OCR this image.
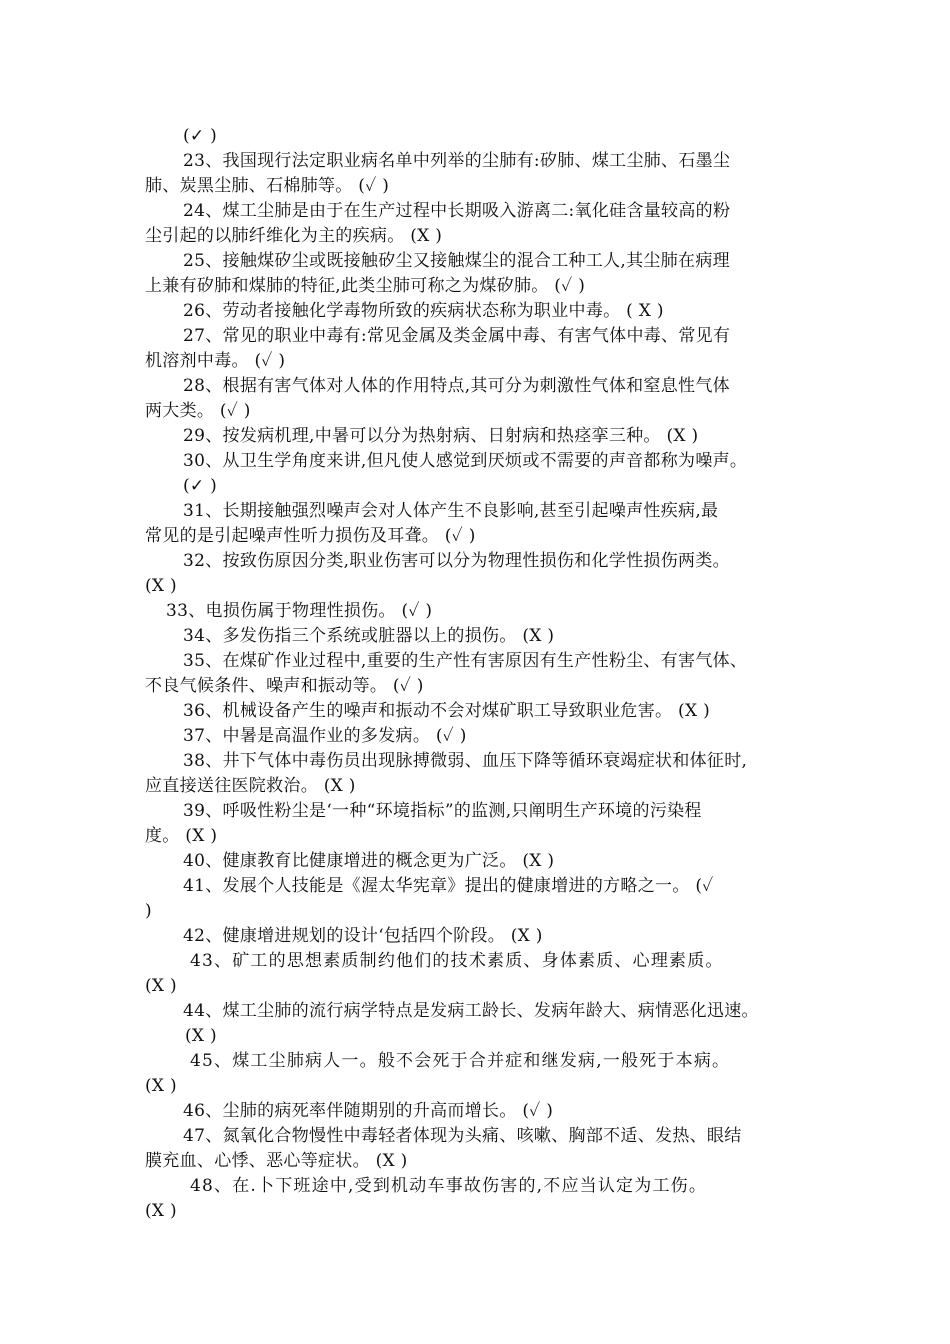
(✓ )
23、我国现行法定职业病名单中列举的尘肺有:矽肺、煤工尘肺、石墨尘
肺、炭黑尘肺、石棉肺等。 (✓ )
24、煤工尘肺是由于在生产过程中长期吸入游离二:氧化硅含量较高的粉
尘引起的以肺纤维化为主的疾病。 (X )
25、接触煤矽尘或既接触矽尘又接触煤尘的混合工种工人,其尘肺在病理
上兼有矽肺和煤肺的特征,此类尘肺可称之为煤矽肺。 (✓ )
26、劳动者接触化学毒物所致的疾病状态称为职业中毒。 ( X )
27、常见的职业中毒有:常见金属及类金属中毒、有害气体中毒、常见有
机溶剂中毒。 (✓ )
28、根据有害气体对人体的作用特点,其可分为刺激性气体和窒息性气体
两大类。 (✓ )
29、按发病机理,中暑可以分为热射病、日射病和热痉挛三种。 (X )
30、从卫生学角度来讲,但凡使人感觉到厌烦或不需要的声音都称为噪声。
(✓ )
31、长期接触强烈噪声会对人体产生不良影响,甚至引起噪声性疾病,最
常见的是引起噪声性听力损伤及耳聋。 (✓ )
32、按致伤原因分类,职业伤害可以分为物理性损伤和化学性损伤两类。
(X )
33、电损伤属于物理性损伤。 (✓ )
34、多发伤指三个系统或脏器以上的损伤。 (X )
35、在煤矿作业过程中,重要的生产性有害原因有生产性粉尘、有害气体、
不良气候条件、噪声和振动等。 (✓ )
36、机械设备产生的噪声和振动不会对煤矿职工导致职业危害。 (X )
37、中暑是高温作业的多发病。 (✓ )
38、井下气体中毒伤员出现脉搏微弱、血压下降等循环衰竭症状和体征时,
应直接送往医院救治。 (X )
39、呼吸性粉尘是‘一种“环境指标”的监测,只阐明生产环境的污染程
度。 (X )
40、健康教育比健康增进的概念更为广泛。 (X )
41、发展个人技能是《渥太华宪章》提出的健康增进的方略之一。 (✓
)
42、健康增进规划的设计‘包括四个阶段。 (X )
43、矿工的思想素质制约他们的技术素质、身体素质、心理素质。
(X )
44、煤工尘肺的流行病学特点是发病工龄长、发病年龄大、病情恶化迅速。
(X )
45、煤工尘肺病人一。般不会死于合并症和继发病,一般死于本病。
(X )
46、尘肺的病死率伴随期别的升高而增长。 (✓ )
47、氮氧化合物慢性中毒轻者体现为头痛、咳嗽、胸部不适、发热、眼结
膜充血、心悸、恶心等症状。 (X )
48、在.卜下班途中,受到机动车事故伤害的,不应当认定为工伤。
(X )
